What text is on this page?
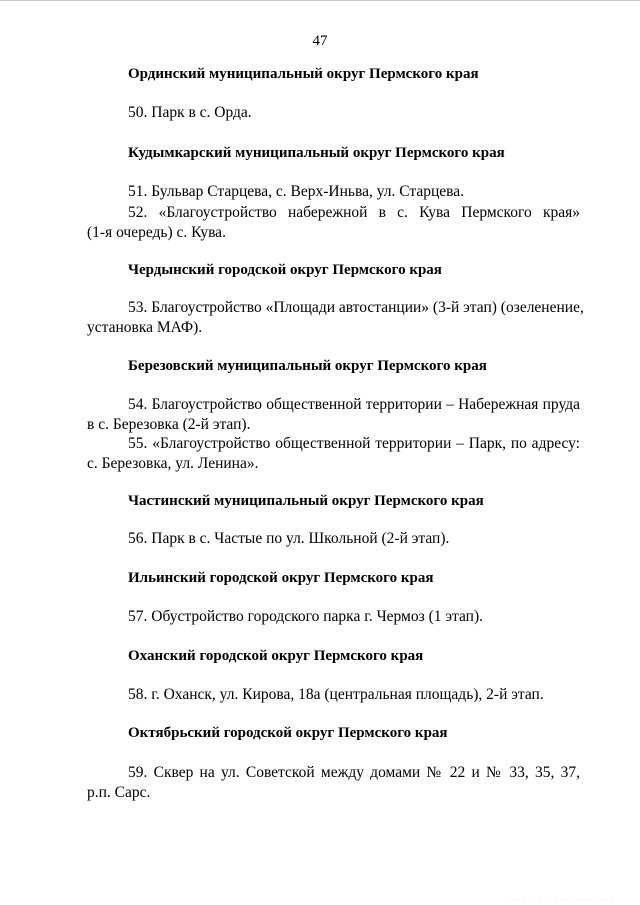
47
Ординский муниципальный округ Пермского края
50. Парк в с. Орда.
Кудымкарский муниципальный округ Пермского края
51. Бульвар Старцева, с. Верх-Иньва, ул. Старцева.
52. «Благоустройство набережной в с. Кува Пермского края»
(1-я очередь) с. Кува.
Чердынский городской округ Пермского края
53. Благоустройство «Площади автостанции» (3-й этап) (озеленение,
установка МАФ).
Березовский муниципальный округ Пермского края
54. Благоустройство общественной территории – Набережная пруда
в с. Березовка (2-й этап).
55. «Благоустройство общественной территории – Парк, по адресу:
с. Березовка, ул. Ленина».
Частинский муниципальный округ Пермского края
56. Парк в с. Частые по ул. Школьной (2-й этап).
Ильинский городской округ Пермского края
57. Обустройство городского парка г. Чермоз (1 этап).
Оханский городской округ Пермского края
58. г. Оханск, ул. Кирова, 18а (центральная площадь), 2-й этап.
Октябрьский городской округ Пермского края
59. Сквер на ул. Советской между домами № 22 и № 33, 35, 37,
р.п. Сарс.
· · · · · · · · · · · · · · · · · · · ·
